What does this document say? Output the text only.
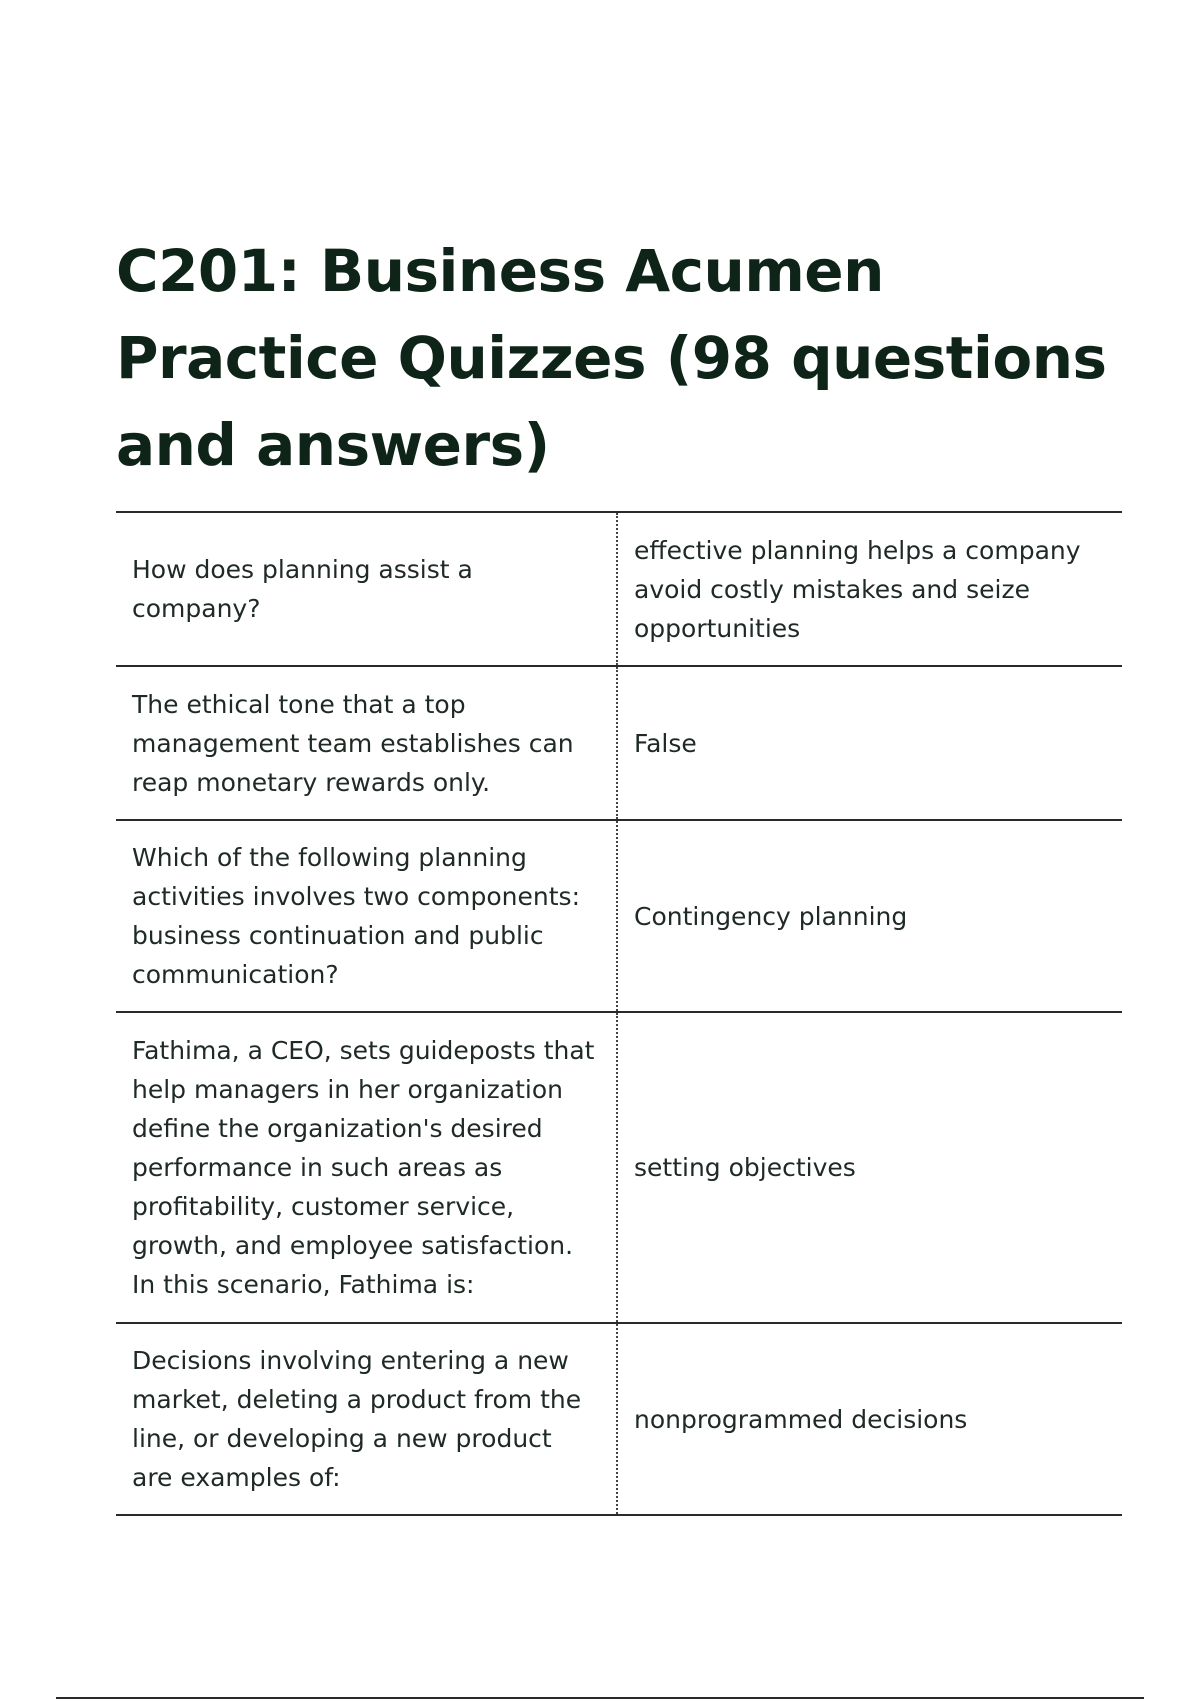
C201: Business Acumen Practice Quizzes (98 questions and answers)
How does planning assist a company?
effective planning helps a company avoid costly mistakes and seize opportunities
The ethical tone that a top management team establishes can reap monetary rewards only.
False
Which of the following planning activities involves two components: business continuation and public communication?
Contingency planning
Fathima, a CEO, sets guideposts that help managers in her organization define the organization's desired performance in such areas as profitability, customer service, growth, and employee satisfaction. In this scenario, Fathima is:
setting objectives
Decisions involving entering a new market, deleting a product from the line, or developing a new product are examples of:
nonprogrammed decisions
